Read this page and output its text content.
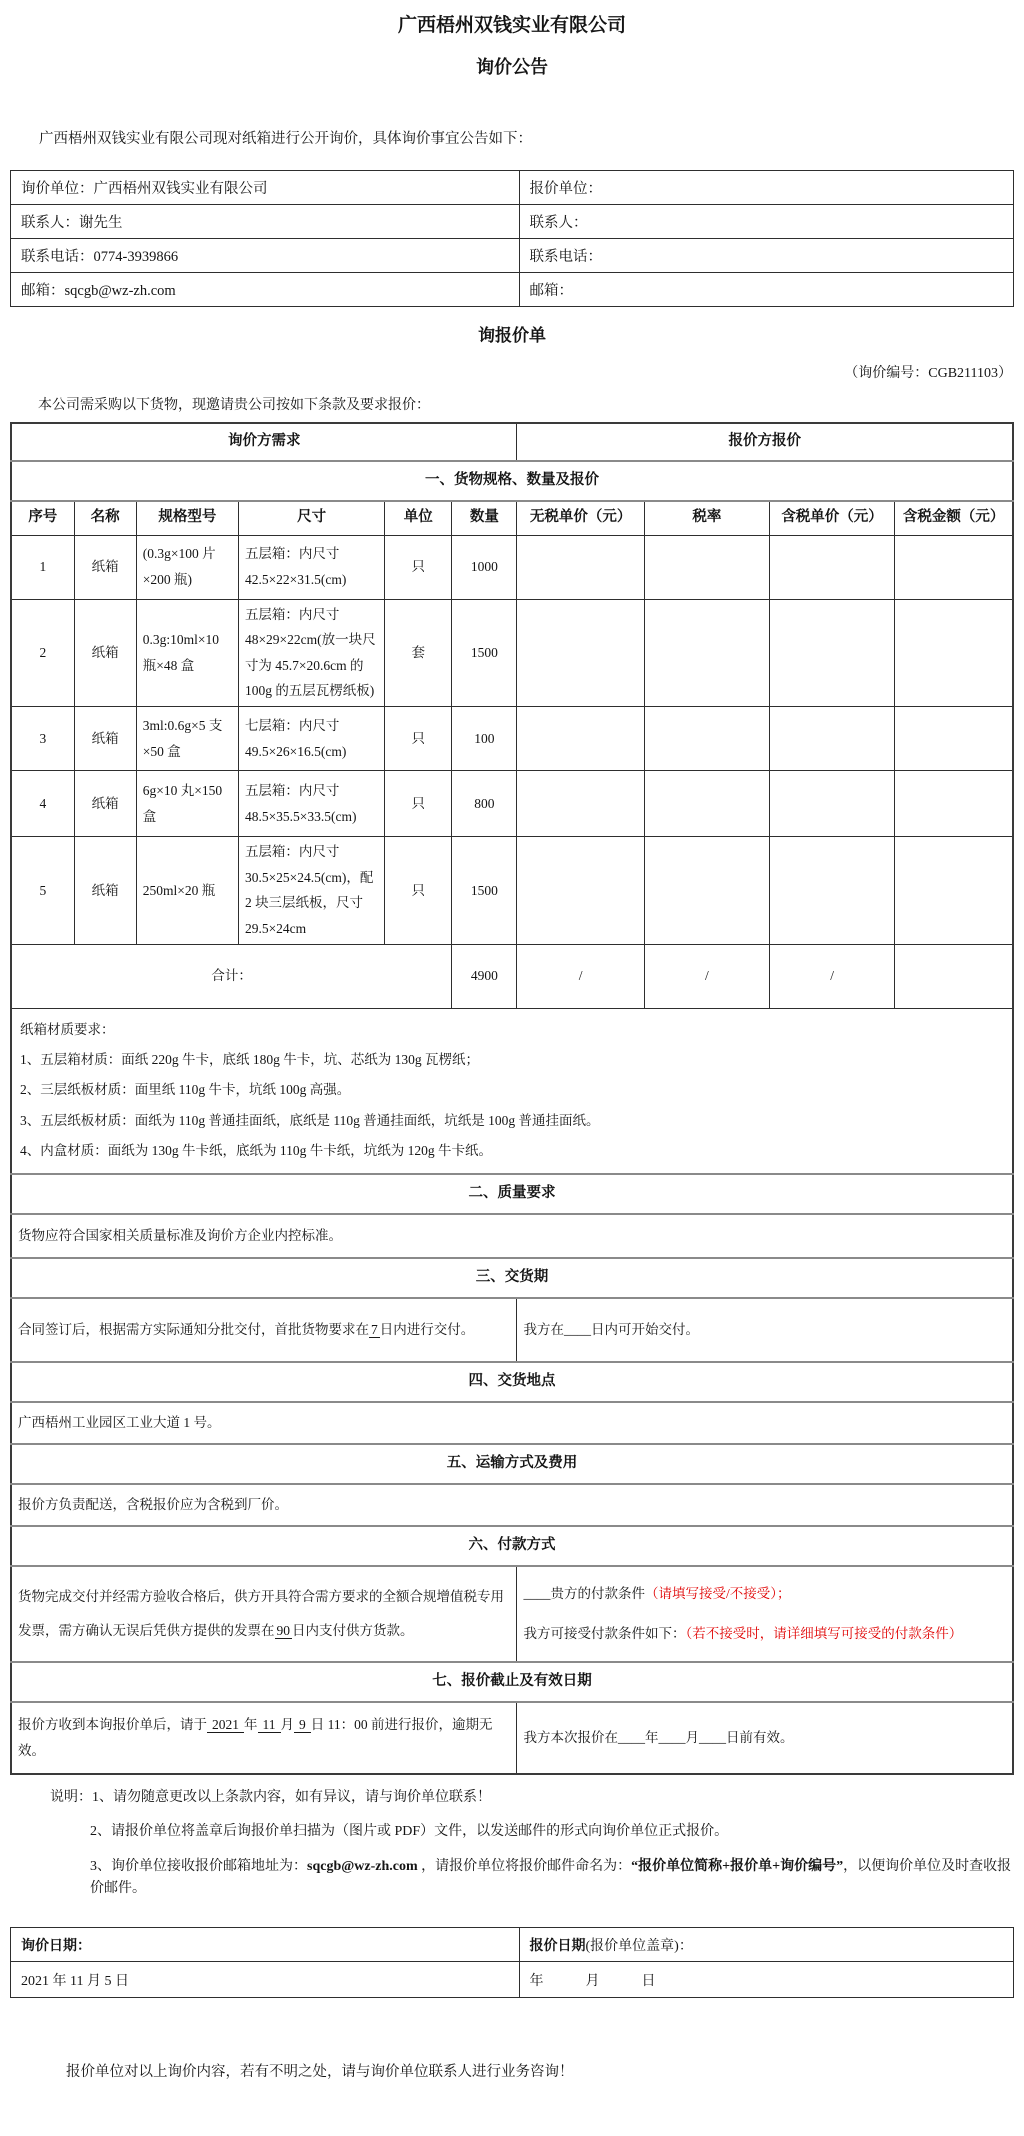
广西梧州双钱实业有限公司
询价公告

广西梧州双钱实业有限公司现对纸箱进行公开询价，具体询价事宜公告如下：

询价单位：广西梧州双钱实业有限公司	报价单位：
联系人：谢先生	联系人：
联系电话：0774-3939866	联系电话：
邮箱：sqcgb@wz-zh.com	邮箱：
询报价单
（询价编号：CGB211103）

本公司需采购以下货物，现邀请贵公司按如下条款及要求报价：

询价方需求						报价方报价			
一、货物规格、数量及报价									
序号	名称	规格型号	尺寸	单位	数量	无税单价（元）	税率	含税单价（元）	含税金额（元）
1	纸箱	(0.3g×100 片×200 瓶)	五层箱：内尺寸 42.5×22×31.5(cm)	只	1000				
2	纸箱	0.3g:10ml×10 瓶×48 盒	五层箱：内尺寸 48×29×22cm(放一块尺寸为 45.7×20.6cm 的 100g 的五层瓦楞纸板)	套	1500				
3	纸箱	3ml:0.6g×5 支×50 盒	七层箱：内尺寸 49.5×26×16.5(cm)	只	100				
4	纸箱	6g×10 丸×150 盒	五层箱：内尺寸 48.5×35.5×33.5(cm)	只	800				
5	纸箱	250ml×20 瓶	五层箱：内尺寸 30.5×25×24.5(cm)，配 2 块三层纸板，尺寸 29.5×24cm	只	1500				
合计：					4900	/	/	/	

纸箱材质要求：
1、五层箱材质：面纸 220g 牛卡，底纸 180g 牛卡，坑、芯纸为 130g 瓦楞纸；
2、三层纸板材质：面里纸 110g 牛卡，坑纸 100g 高强。
3、五层纸板材质：面纸为 110g 普通挂面纸，底纸是 110g 普通挂面纸，坑纸是 100g 普通挂面纸。
4、内盒材质：面纸为 130g 牛卡纸，底纸为 110g 牛卡纸，坑纸为 120g 牛卡纸。									

二、质量要求									
货物应符合国家相关质量标准及询价方企业内控标准。									
三、交货期									
合同签订后，根据需方实际通知分批交付，首批货物要求在 7 日内进行交付。						我方在____日内可开始交付。			
四、交货地点									
广西梧州工业园区工业大道 1 号。									
五、运输方式及费用									
报价方负责配送，含税报价应为含税到厂价。									
六、付款方式									
货物完成交付并经需方验收合格后，供方开具符合需方要求的全额合规增值税专用发票，需方确认无误后凭供方提供的发票在 90 日内支付供方货款。						____贵方的付款条件（请填写接受/不接受）；

我方可接受付款条件如下：（若不接受时，请详细填写可接受的付款条件）			

七、报价截止及有效日期									
报价方收到本询报价单后，请于 2021 年 11 月 9 日 11：00 前进行报价，逾期无效。						我方本次报价在____年____月____日前有效。			

说明：1、请勿随意更改以上条款内容，如有异议，请与询价单位联系！

2、请报价单位将盖章后询报价单扫描为（图片或 PDF）文件，以发送邮件的形式向询价单位正式报价。

3、询价单位接收报价邮箱地址为：sqcgb@wz-zh.com ，请报价单位将报价邮件命名为：“报价单位简称+报价单+询价编号”，以便询价单位及时查收报价邮件。

询价日期：	报价日期(报价单位盖章)：
2021 年 11 月 5 日	年　　　月　　　日

报价单位对以上询价内容，若有不明之处，请与询价单位联系人进行业务咨询！
